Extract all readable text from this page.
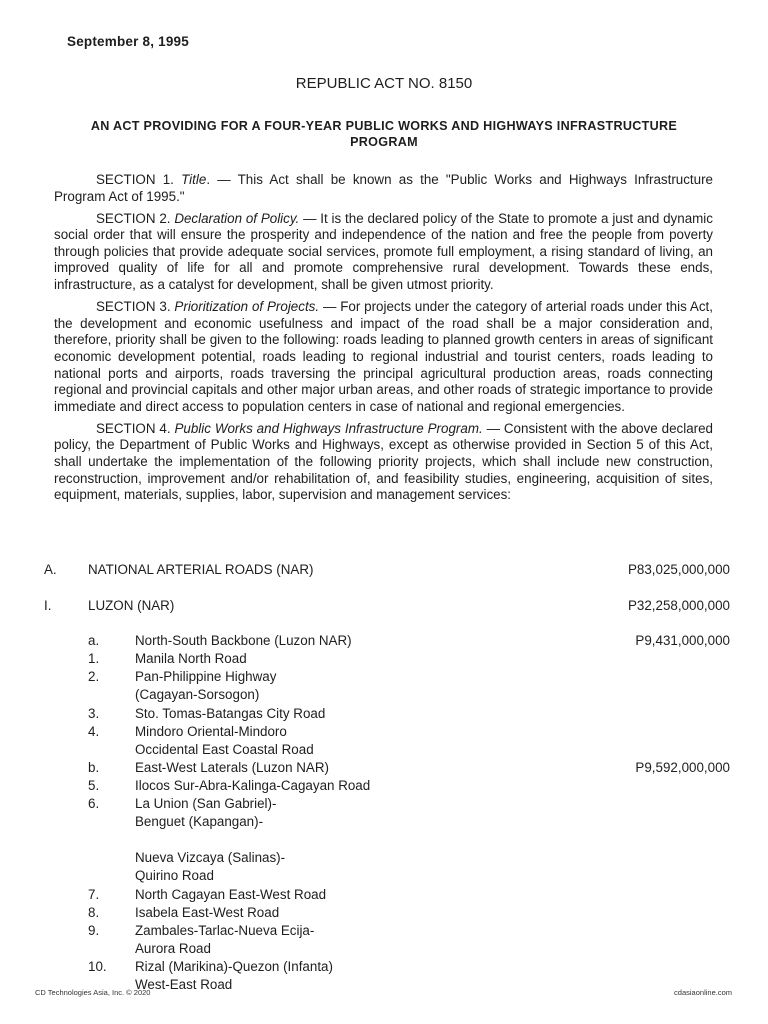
September 8, 1995
REPUBLIC ACT NO. 8150
AN ACT PROVIDING FOR A FOUR-YEAR PUBLIC WORKS AND HIGHWAYS INFRASTRUCTURE PROGRAM

SECTION 1. Title. — This Act shall be known as the "Public Works and Highways Infrastructure Program Act of 1995."

SECTION 2. Declaration of Policy. — It is the declared policy of the State to promote a just and dynamic social order that will ensure the prosperity and independence of the nation and free the people from poverty through policies that provide adequate social services, promote full employment, a rising standard of living, an improved quality of life for all and promote comprehensive rural development. Towards these ends, infrastructure, as a catalyst for development, shall be given utmost priority.

SECTION 3. Prioritization of Projects. — For projects under the category of arterial roads under this Act, the development and economic usefulness and impact of the road shall be a major consideration and, therefore, priority shall be given to the following: roads leading to planned growth centers in areas of significant economic development potential, roads leading to regional industrial and tourist centers, roads leading to national ports and airports, roads traversing the principal agricultural production areas, roads connecting regional and provincial capitals and other major urban areas, and other roads of strategic importance to provide immediate and direct access to population centers in case of national and regional emergencies.

SECTION 4. Public Works and Highways Infrastructure Program. — Consistent with the above declared policy, the Department of Public Works and Highways, except as otherwise provided in Section 5 of this Act, shall undertake the implementation of the following priority projects, which shall include new construction, reconstruction, improvement and/or rehabilitation of, and feasibility studies, engineering, acquisition of sites, equipment, materials, supplies, labor, supervision and management services:

A. NATIONAL ARTERIAL ROADS (NAR)	P83,025,000,000
I.	LUZON (NAR)	P32,258,000,000
a.	North-South Backbone (Luzon NAR)	P9,431,000,000
1.	Manila North Road
2.	Pan-Philippine Highway
(Cagayan-Sorsogon)
3.	Sto. Tomas-Batangas City Road
4.	Mindoro Oriental-Mindoro
Occidental East Coastal Road
b.	East-West Laterals (Luzon NAR)	P9,592,000,000
5.	Ilocos Sur-Abra-Kalinga-Cagayan Road
6.	La Union (San Gabriel)-
Benguet (Kapangan)-
Nueva Vizcaya (Salinas)-
Quirino Road
7.	North Cagayan East-West Road
8.	Isabela East-West Road
9.	Zambales-Tarlac-Nueva Ecija-
Aurora Road
10. Rizal (Marikina)-Quezon (Infanta)
West-East Road
CD Technologies Asia, Inc. © 2020	cdasiaonline.com
